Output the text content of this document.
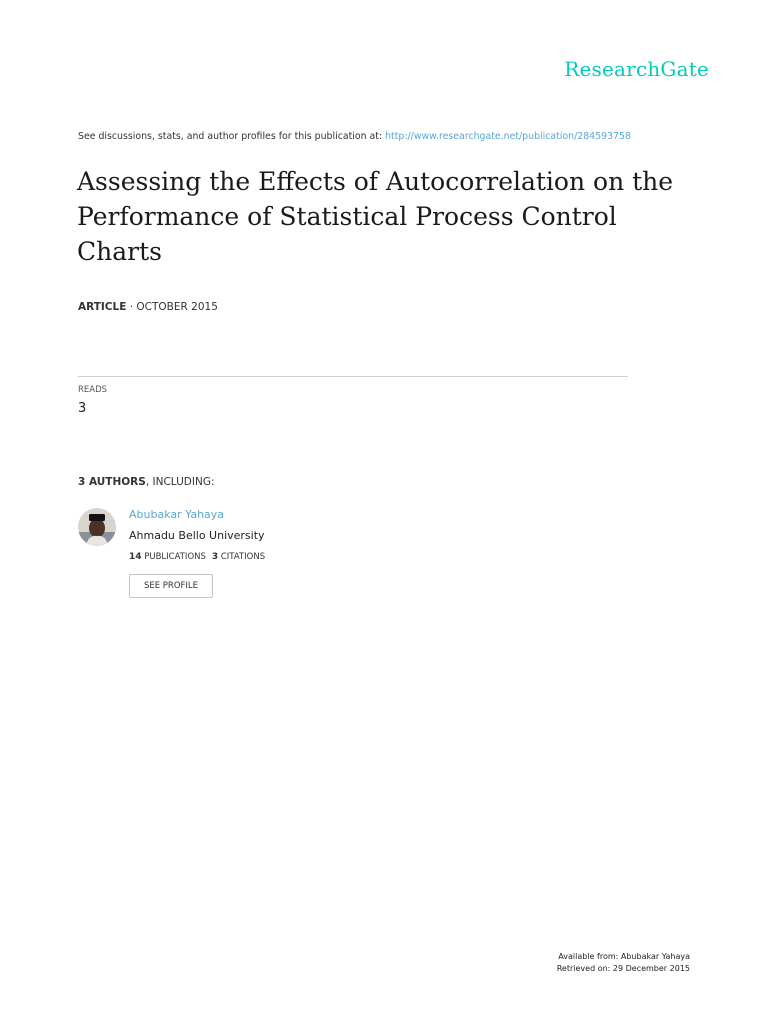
ResearchGate
See discussions, stats, and author profiles for this publication at: http://www.researchgate.net/publication/284593758
Assessing the Effects of Autocorrelation on the Performance of Statistical Process Control Charts
ARTICLE · OCTOBER 2015
READS
3
3 AUTHORS, INCLUDING:
Abubakar Yahaya
Ahmadu Bello University
14 PUBLICATIONS 3 CITATIONS
SEE PROFILE
Available from: Abubakar Yahaya
Retrieved on: 29 December 2015
